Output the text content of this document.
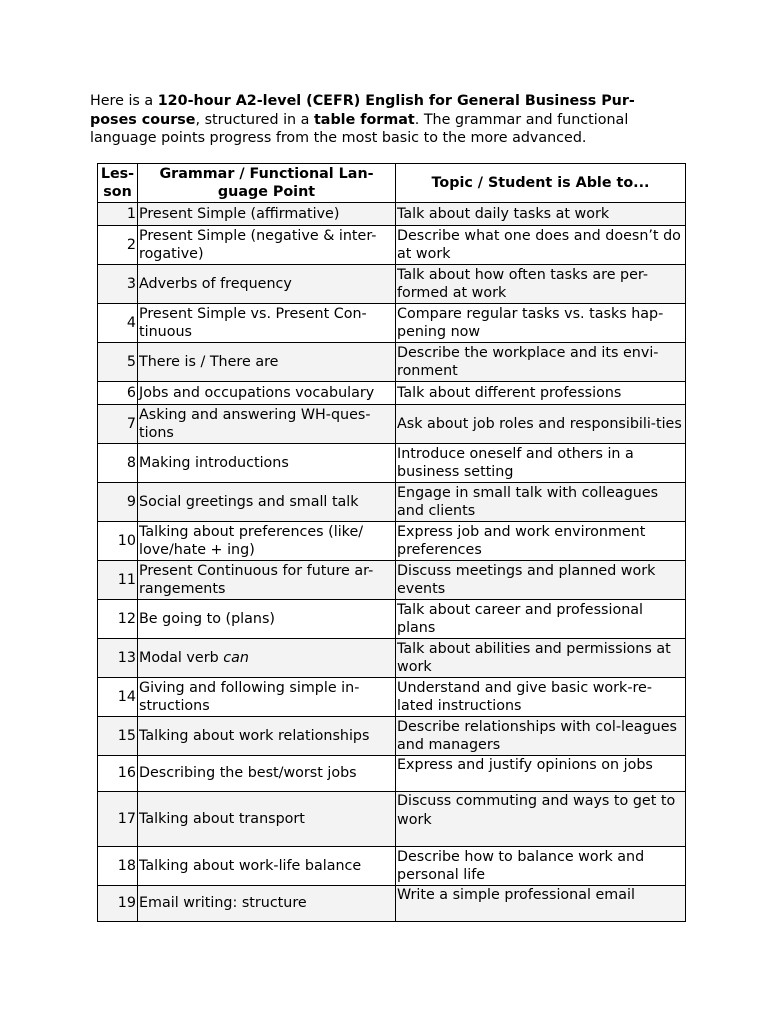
Here is a 120-hour A2-level (CEFR) English for General Business Pur-poses course, structured in a table format. The grammar and functional language points progress from the most basic to the more advanced.
Les-son	Grammar / Functional Lan-guage Point	Topic / Student is Able to...
1	Present Simple (affirmative)	Talk about daily tasks at work
2	Present Simple (negative & inter-rogative)	Describe what one does and doesn’t do at work
3	Adverbs of frequency	Talk about how often tasks are per-formed at work
4	Present Simple vs. Present Con-tinuous	Compare regular tasks vs. tasks hap-pening now
5	There is / There are	Describe the workplace and its envi-ronment
6	Jobs and occupations vocabulary	Talk about different professions
7	Asking and answering WH-ques-tions	Ask about job roles and responsibili-ties
8	Making introductions	Introduce oneself and others in a business setting
9	Social greetings and small talk	Engage in small talk with colleagues and clients
10	Talking about preferences (like/ love/hate + ing)	Express job and work environment preferences
11	Present Continuous for future ar-rangements	Discuss meetings and planned work events
12	Be going to (plans)	Talk about career and professional plans
13	Modal verb can	Talk about abilities and permissions at work
14	Giving and following simple in-structions	Understand and give basic work-re-lated instructions
15	Talking about work relationships	Describe relationships with col-leagues and managers
16	Describing the best/worst jobs	Express and justify opinions on jobs
17	Talking about transport	Discuss commuting and ways to get to work
18	Talking about work-life balance	Describe how to balance work and personal life
19	Email writing: structure	Write a simple professional email
